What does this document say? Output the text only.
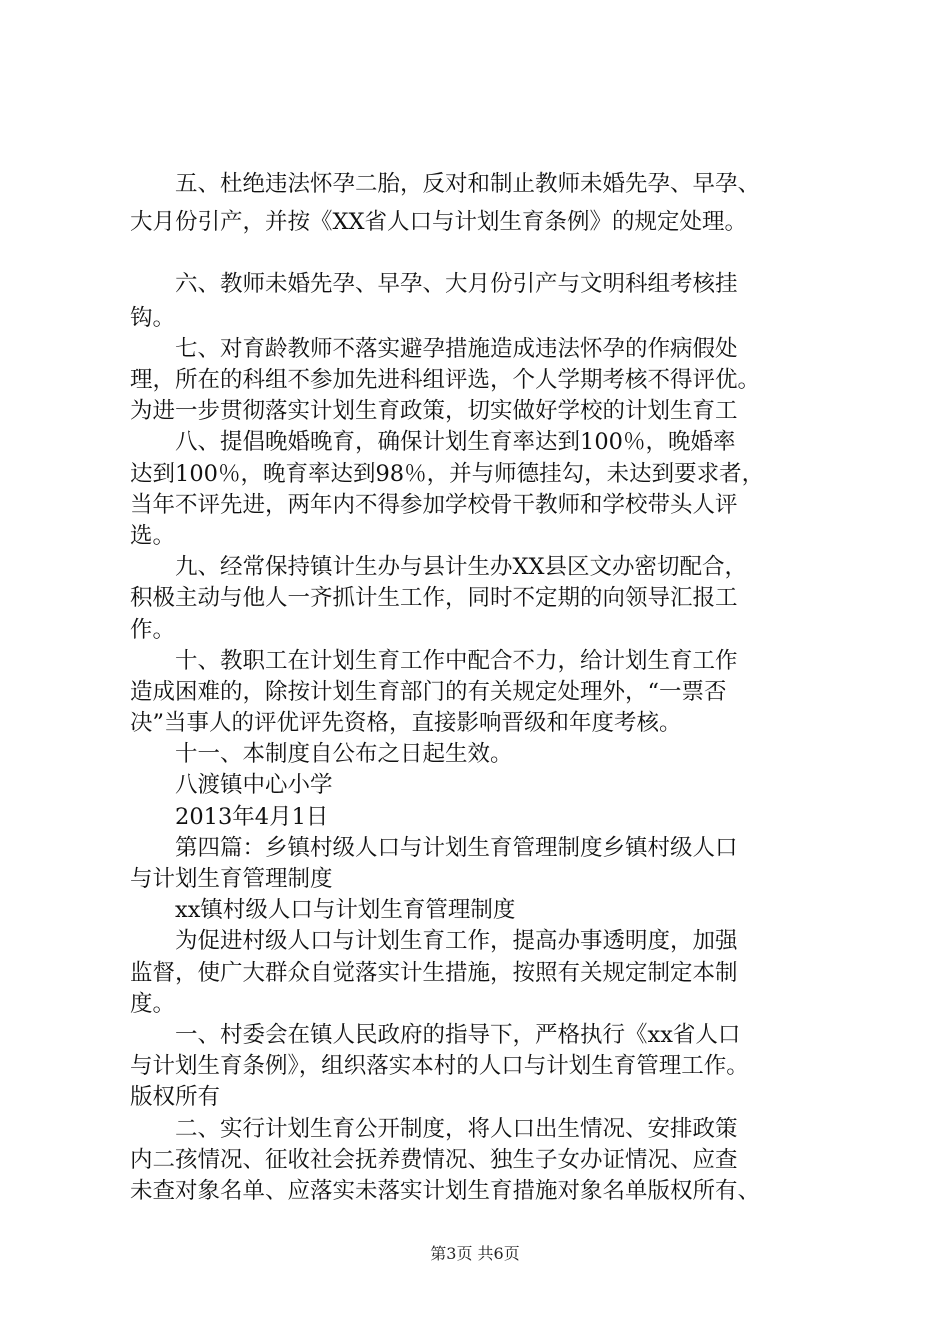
　　五、杜绝违法怀孕二胎，反对和制止教师未婚先孕、早孕、
大月份引产，并按《XX省人口与计划生育条例》的规定处理。
　　六、教师未婚先孕、早孕、大月份引产与文明科组考核挂
钩。
　　七、对育龄教师不落实避孕措施造成违法怀孕的作病假处
理，所在的科组不参加先进科组评选，个人学期考核不得评优。
为进一步贯彻落实计划生育政策，切实做好学校的计划生育工
　　八、提倡晚婚晚育，确保计划生育率达到100％，晚婚率
达到100％，晚育率达到98％，并与师德挂勾，未达到要求者，
当年不评先进，两年内不得参加学校骨干教师和学校带头人评
选。
　　九、经常保持镇计生办与县计生办XX县区文办密切配合，
积极主动与他人一齐抓计生工作，同时不定期的向领导汇报工
作。
　　十、教职工在计划生育工作中配合不力，给计划生育工作
造成困难的，除按计划生育部门的有关规定处理外，“一票否
决”当事人的评优评先资格，直接影响晋级和年度考核。
　　十一、本制度自公布之日起生效。
　　八渡镇中心小学
　　2013年4月1日
　　第四篇：乡镇村级人口与计划生育管理制度乡镇村级人口
与计划生育管理制度
　　xx镇村级人口与计划生育管理制度
　　为促进村级人口与计划生育工作，提高办事透明度，加强
监督，使广大群众自觉落实计生措施，按照有关规定制定本制
度。
　　一、村委会在镇人民政府的指导下，严格执行《xx省人口
与计划生育条例》，组织落实本村的人口与计划生育管理工作。
版权所有
　　二、实行计划生育公开制度，将人口出生情况、安排政策
内二孩情况、征收社会抚养费情况、独生子女办证情况、应查
未查对象名单、应落实未落实计划生育措施对象名单版权所有、
第3页 共6页
